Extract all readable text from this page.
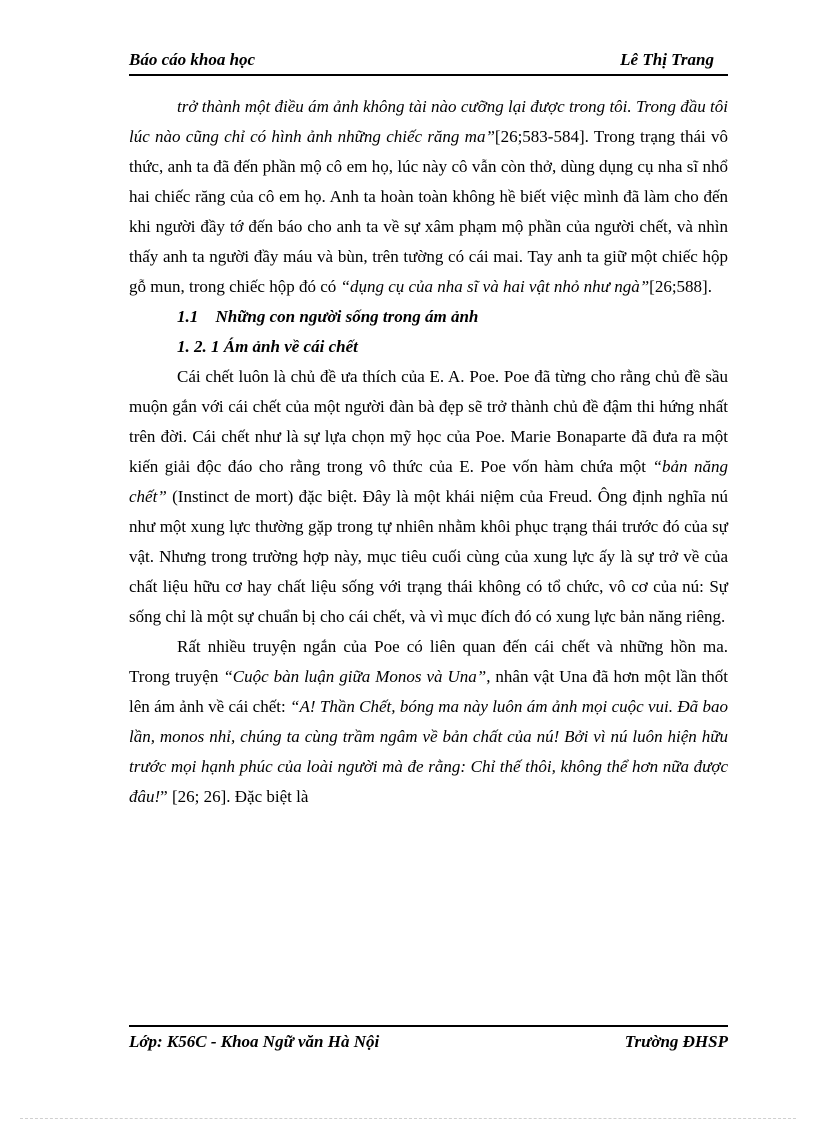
Báo cáo khoa học	Lê Thị Trang

trở thành một điều ám ảnh không tài nào cưỡng lại được trong tôi. Trong đầu tôi lúc nào cũng chỉ có hình ảnh những chiếc răng ma”[26;583-584]. Trong trạng thái vô thức, anh ta đã đến phần mộ cô em họ, lúc này cô vẫn còn thở, dùng dụng cụ nha sĩ nhổ hai chiếc răng của cô em họ. Anh ta hoàn toàn không hề biết việc mình đã làm cho đến khi người đầy tớ đến báo cho anh ta về sự xâm phạm mộ phần của người chết, và nhìn thấy anh ta người đầy máu và bùn, trên tường có cái mai. Tay anh ta giữ một chiếc hộp gỗ mun, trong chiếc hộp đó có “dụng cụ của nha sĩ và hai vật nhỏ như ngà”[26;588].

1.1 Những con người sống trong ám ảnh

1. 2. 1 Ám ảnh về cái chết

Cái chết luôn là chủ đề ưa thích của E. A. Poe. Poe đã từng cho rằng chủ đề sầu muộn gắn với cái chết của một người đàn bà đẹp sẽ trở thành chủ đề đậm thi hứng nhất trên đời. Cái chết như là sự lựa chọn mỹ học của Poe. Marie Bonaparte đã đưa ra một kiến giải độc đáo cho rằng trong vô thức của E. Poe vốn hàm chứa một “bản năng chết” (Instinct de mort) đặc biệt. Đây là một khái niệm của Freud. Ông định nghĩa nú như một xung lực thường gặp trong tự nhiên nhằm khôi phục trạng thái trước đó của sự vật. Nhưng trong trường hợp này, mục tiêu cuối cùng của xung lực ấy là sự trở về của chất liệu hữu cơ hay chất liệu sống với trạng thái không có tổ chức, vô cơ của nú: Sự sống chỉ là một sự chuẩn bị cho cái chết, và vì mục đích đó có xung lực bản năng riêng.

Rất nhiều truyện ngắn của Poe có liên quan đến cái chết và những hồn ma. Trong truyện “Cuộc bàn luận giữa Monos và Una”, nhân vật Una đã hơn một lần thốt lên ám ảnh về cái chết: “A! Thần Chết, bóng ma này luôn ám ảnh mọi cuộc vui. Đã bao lần, monos nhỉ, chúng ta cùng trầm ngâm về bản chất của nú! Bởi vì nú luôn hiện hữu trước mọi hạnh phúc của loài người mà đe rằng: Chỉ thế thôi, không thể hơn nữa được đâu!” [26; 26]. Đặc biệt là

Lớp: K56C - Khoa Ngữ văn Hà Nội	Trường ĐHSP
